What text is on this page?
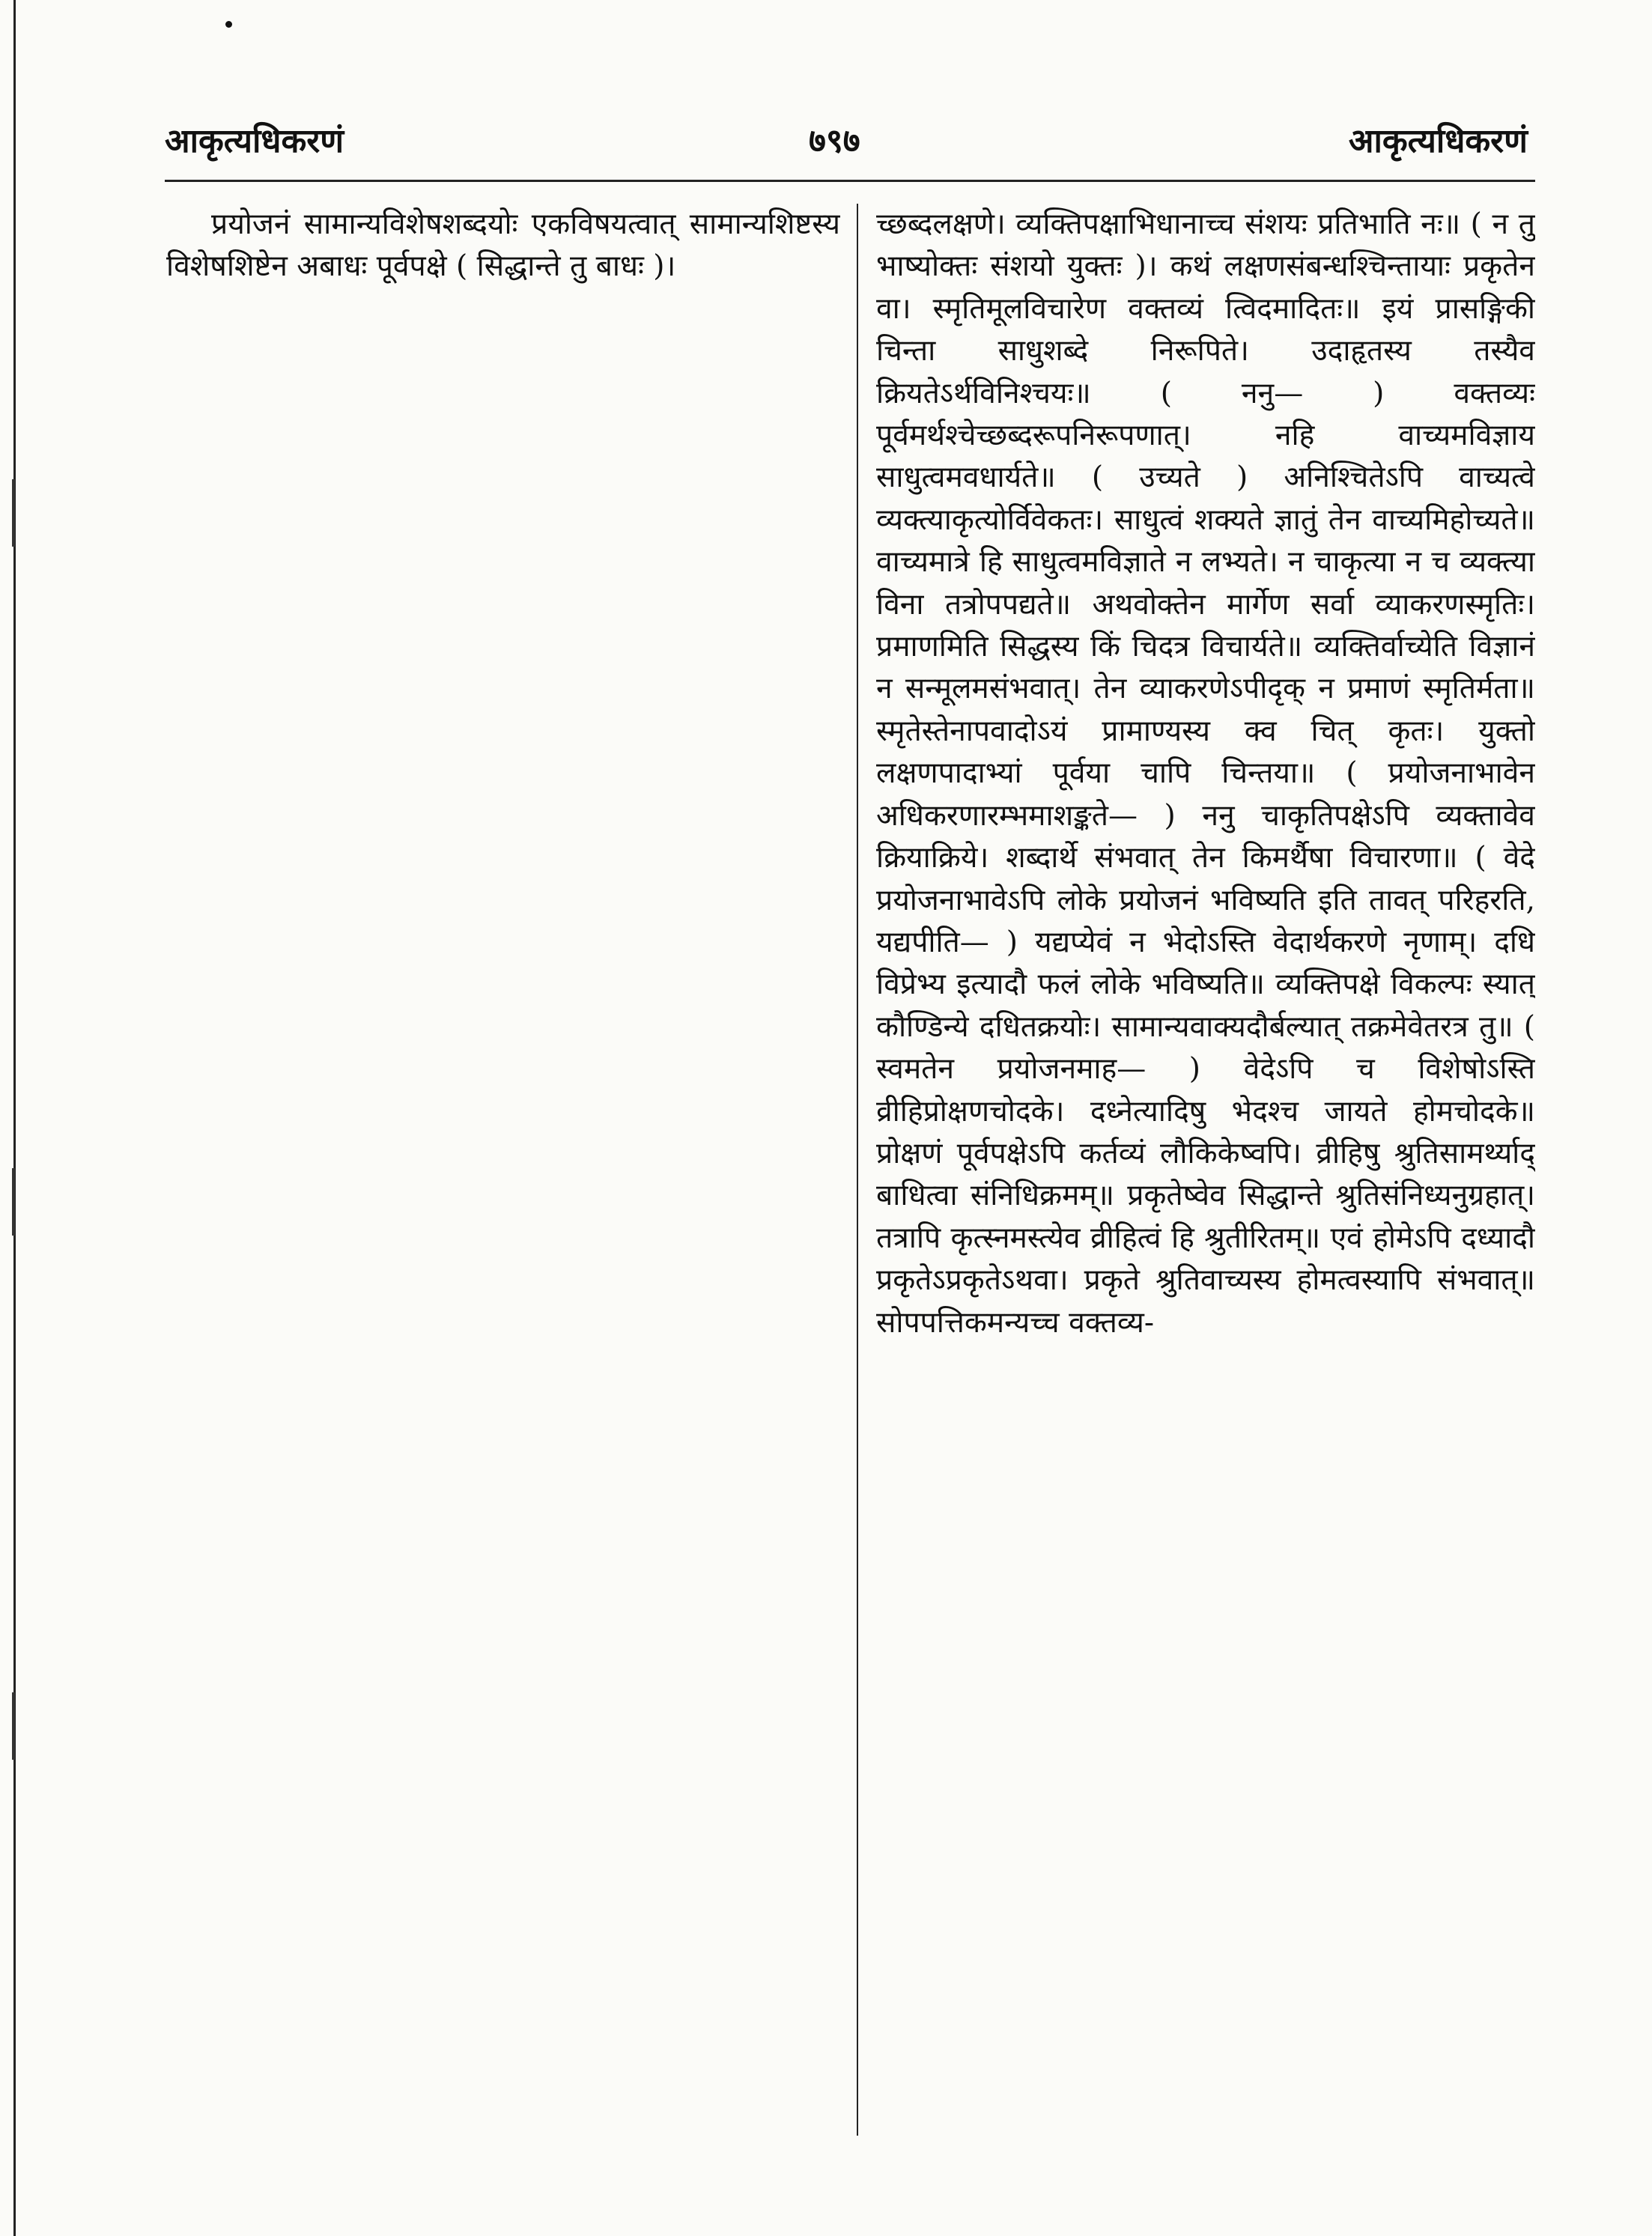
आकृत्यधिकरणं	७९७	आकृत्यधिकरणं

प्रयोजनं सामान्यविशेषशब्दयोः एकविषयत्वात् सामान्यशिष्टस्य विशेषशिष्टेन अबाधः पूर्वपक्षे ( सिद्धान्ते तु बाधः )।

च्छब्दलक्षणे। व्यक्तिपक्षाभिधानाच्च संशयः प्रतिभाति नः॥ ( न तु भाष्योक्तः संशयो युक्तः )। कथं लक्षणसंबन्धश्चिन्तायाः प्रकृतेन वा। स्मृतिमूलविचारेण वक्तव्यं त्विदमादितः॥ इयं प्रासङ्गिकी चिन्ता साधुशब्दे निरूपिते। उदाहृतस्य तस्यैव क्रियतेऽर्थविनिश्चयः॥ ( ननु— ) वक्तव्यः पूर्वमर्थश्चेच्छब्दरूपनिरूपणात्। नहि वाच्यमविज्ञाय साधुत्वमवधार्यते॥ ( उच्यते ) अनिश्चितेऽपि वाच्यत्वे व्यक्त्याकृत्योर्विवेकतः। साधुत्वं शक्यते ज्ञातुं तेन वाच्यमिहोच्यते॥ वाच्यमात्रे हि साधुत्वमविज्ञाते न लभ्यते। न चाकृत्या न च व्यक्त्या विना तत्रोपपद्यते॥ अथवोक्तेन मार्गेण सर्वा व्याकरणस्मृतिः। प्रमाणमिति सिद्धस्य किं चिदत्र विचार्यते॥ व्यक्तिर्वाच्येति विज्ञानं न सन्मूलमसंभवात्। तेन व्याकरणेऽपीदृक् न प्रमाणं स्मृतिर्मता॥ स्मृतेस्तेनापवादोऽयं प्रामाण्यस्य क्व चित् कृतः। युक्तो लक्षणपादाभ्यां पूर्वया चापि चिन्तया॥ ( प्रयोजनाभावेन अधिकरणारम्भमाशङ्कते— ) ननु चाकृतिपक्षेऽपि व्यक्तावेव क्रियाक्रिये। शब्दार्थे संभवात् तेन किमर्थैषा विचारणा॥ ( वेदे प्रयोजनाभावेऽपि लोके प्रयोजनं भविष्यति इति तावत् परिहरति, यद्यपीति— ) यद्यप्येवं न भेदोऽस्ति वेदार्थकरणे नृणाम्। दधि विप्रेभ्य इत्यादौ फलं लोके भविष्यति॥ व्यक्तिपक्षे विकल्पः स्यात् कौण्डिन्ये दधितक्रयोः। सामान्यवाक्यदौर्बल्यात् तक्रमेवेतरत्र तु॥ ( स्वमतेन प्रयोजनमाह— ) वेदेऽपि च विशेषोऽस्ति व्रीहिप्रोक्षणचोदके। दध्नेत्यादिषु भेदश्च जायते होमचोदके॥ प्रोक्षणं पूर्वपक्षेऽपि कर्तव्यं लौकिकेष्वपि। व्रीहिषु श्रुतिसामर्थ्याद् बाधित्वा संनिधिक्रमम्॥ प्रकृतेष्वेव सिद्धान्ते श्रुतिसंनिध्यनुग्रहात्। तत्रापि कृत्स्नमस्त्येव व्रीहित्वं हि श्रुतीरितम्॥ एवं होमेऽपि दध्यादौ प्रकृतेऽप्रकृतेऽथवा। प्रकृते श्रुतिवाच्यस्य होमत्वस्यापि संभवात्॥ सोपपत्तिकमन्यच्च वक्तव्य-
